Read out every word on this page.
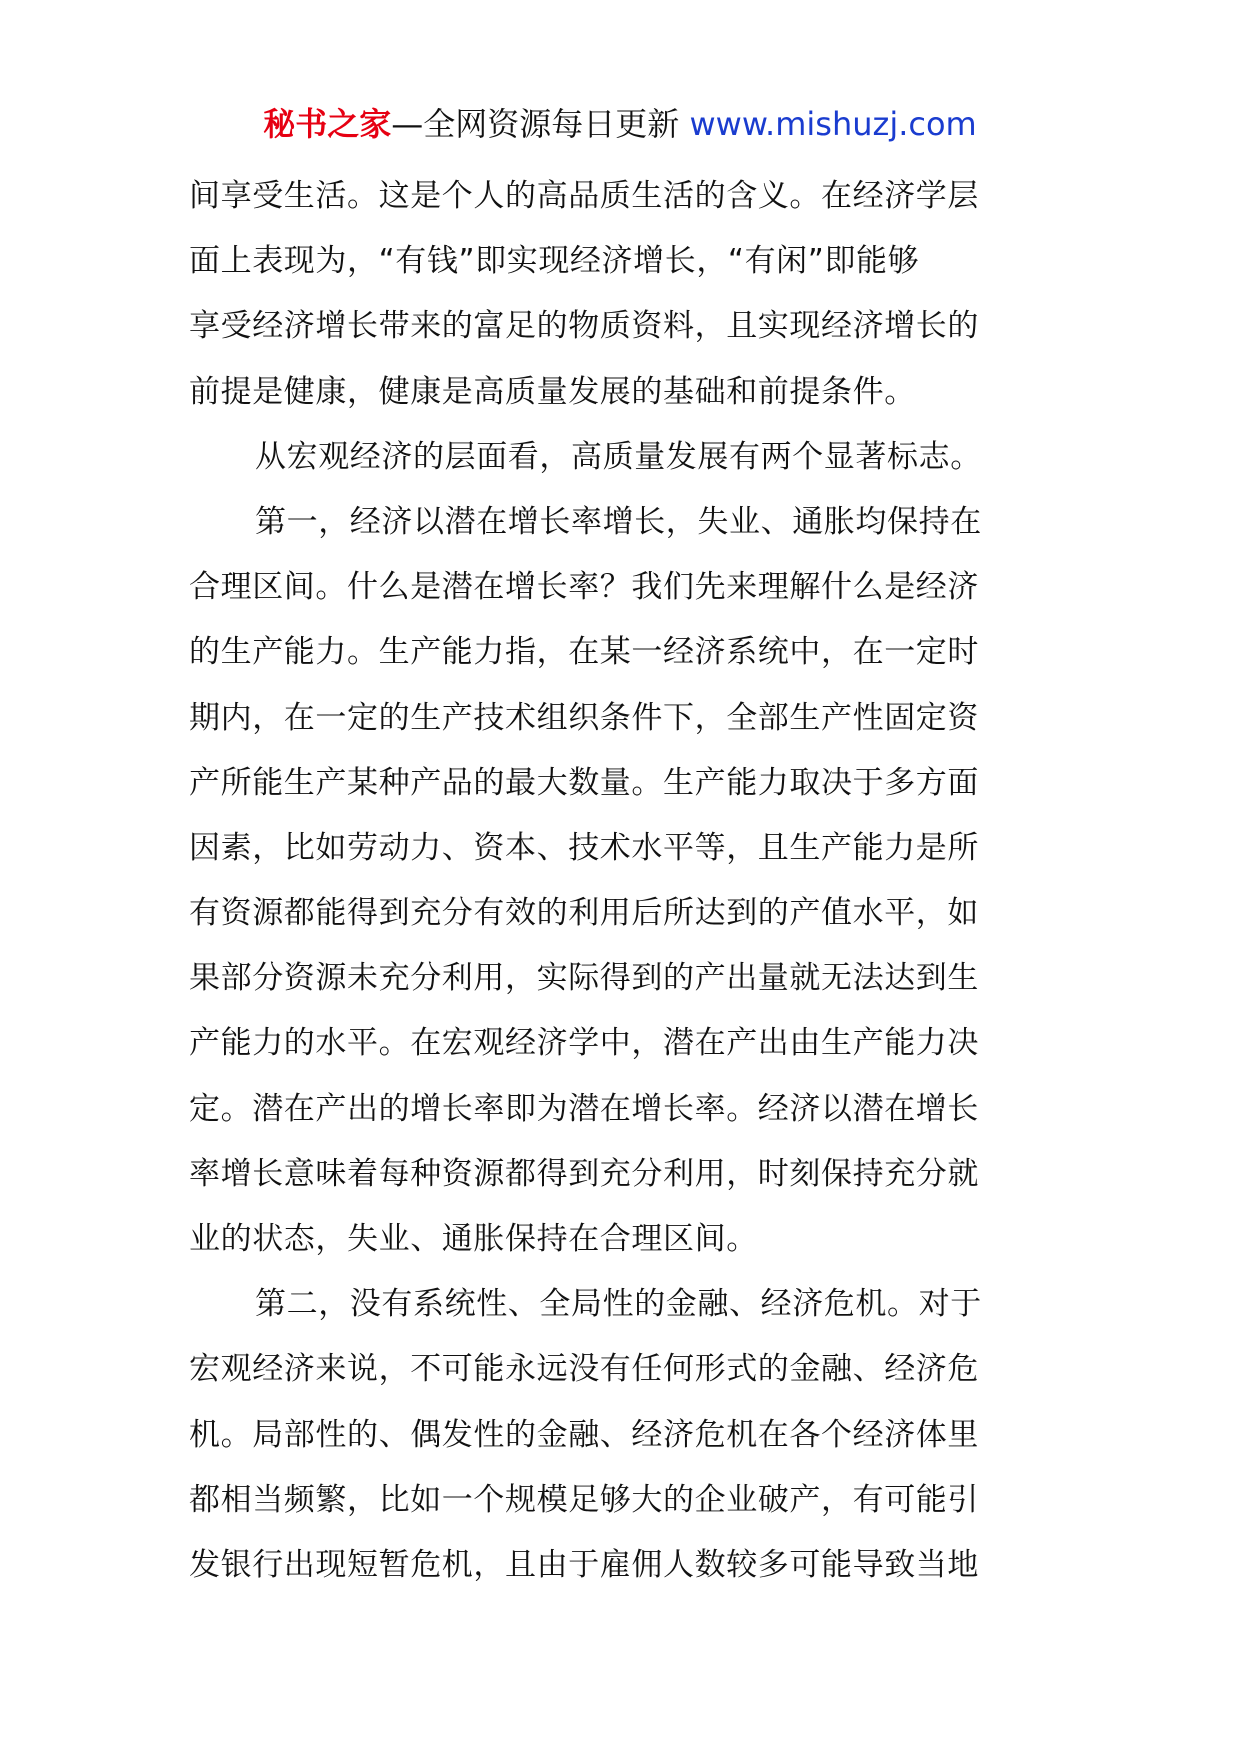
秘书之家—全网资源每日更新 www.mishuzj.com
间享受生活。这是个人的高品质生活的含义。在经济学层
面上表现为，“有钱”即实现经济增长，“有闲”即能够
享受经济增长带来的富足的物质资料，且实现经济增长的
前提是健康，健康是高质量发展的基础和前提条件。
从宏观经济的层面看，高质量发展有两个显著标志。
第一，经济以潜在增长率增长，失业、通胀均保持在
合理区间。什么是潜在增长率？我们先来理解什么是经济
的生产能力。生产能力指，在某一经济系统中，在一定时
期内，在一定的生产技术组织条件下，全部生产性固定资
产所能生产某种产品的最大数量。生产能力取决于多方面
因素，比如劳动力、资本、技术水平等，且生产能力是所
有资源都能得到充分有效的利用后所达到的产值水平，如
果部分资源未充分利用，实际得到的产出量就无法达到生
产能力的水平。在宏观经济学中，潜在产出由生产能力决
定。潜在产出的增长率即为潜在增长率。经济以潜在增长
率增长意味着每种资源都得到充分利用，时刻保持充分就
业的状态，失业、通胀保持在合理区间。
第二，没有系统性、全局性的金融、经济危机。对于
宏观经济来说，不可能永远没有任何形式的金融、经济危
机。局部性的、偶发性的金融、经济危机在各个经济体里
都相当频繁，比如一个规模足够大的企业破产，有可能引
发银行出现短暂危机，且由于雇佣人数较多可能导致当地
